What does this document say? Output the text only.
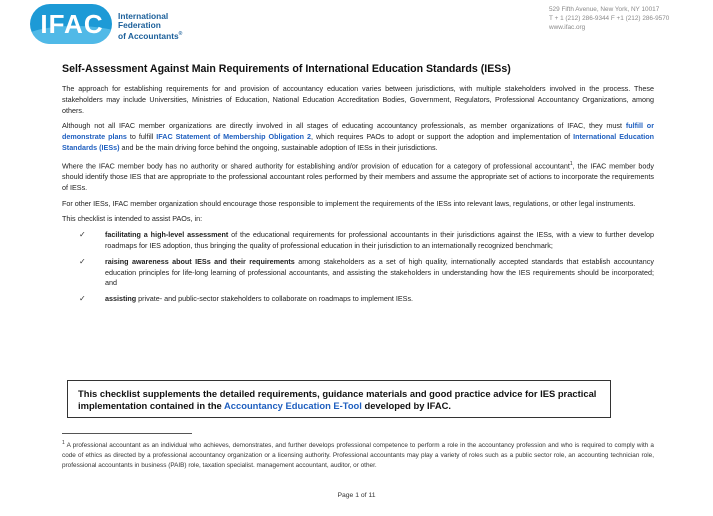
IFAC	International
Federation
of Accountants®
529 Fifth Avenue, New York, NY 10017
T + 1 (212) 286-9344 F +1 (212) 286-9570
www.ifac.org
Self-Assessment Against Main Requirements of International Education Standards (IESs)

The approach for establishing requirements for and provision of accountancy education varies between jurisdictions, with multiple stakeholders involved in the process. These stakeholders may include Universities, Ministries of Education, National Education Accreditation Bodies, Government, Regulators, Professional Accountancy Organizations, among others.

Although not all IFAC member organizations are directly involved in all stages of educating accountancy professionals, as member organizations of IFAC, they must fulfill or demonstrate plans to fulfill IFAC Statement of Membership Obligation 2, which requires PAOs to adopt or support the adoption and implementation of International Education Standards (IESs) and be the main driving force behind the ongoing, sustainable adoption of IESs in their jurisdictions.

Where the IFAC member body has no authority or shared authority for establishing and/or provision of education for a category of professional accountant$^1$, the IFAC member body should identify those IES that are appropriate to the professional accountant roles performed by their members and assume the appropriate set of actions to incorporate the requirements of IESs.

For other IESs, IFAC member organization should encourage those responsible to implement the requirements of the IESs into relevant laws, regulations, or other legal instruments.

This checklist is intended to assist PAOs, in:

✓	facilitating a high-level assessment of the educational requirements for professional accountants in their jurisdictions against the IESs, with a view to further develop roadmaps for IES adoption, thus bringing the quality of professional education in their jurisdiction to an internationally recognized benchmark;
✓	raising awareness about IESs and their requirements among stakeholders as a set of high quality, internationally accepted standards that establish accountancy education principles for life-long learning of professional accountants, and assisting the stakeholders in understanding how the IES requirements should be incorporated; and
✓	assisting private- and public-sector stakeholders to collaborate on roadmaps to implement IESs.
This checklist supplements the detailed requirements, guidance materials and good practice advice for IES practical implementation contained in the Accountancy Education E-Tool developed by IFAC.
$^1$ A professional accountant as an individual who achieves, demonstrates, and further develops professional competence to perform a role in the accountancy profession and who is required to comply with a code of ethics as directed by a professional accountancy organization or a licensing authority. Professional accountants may play a variety of roles such as a public sector role, an accounting technician role, professional accountants in business (PAIB) role, taxation specialist. management accountant, auditor, or other.
Page 1 of 11
